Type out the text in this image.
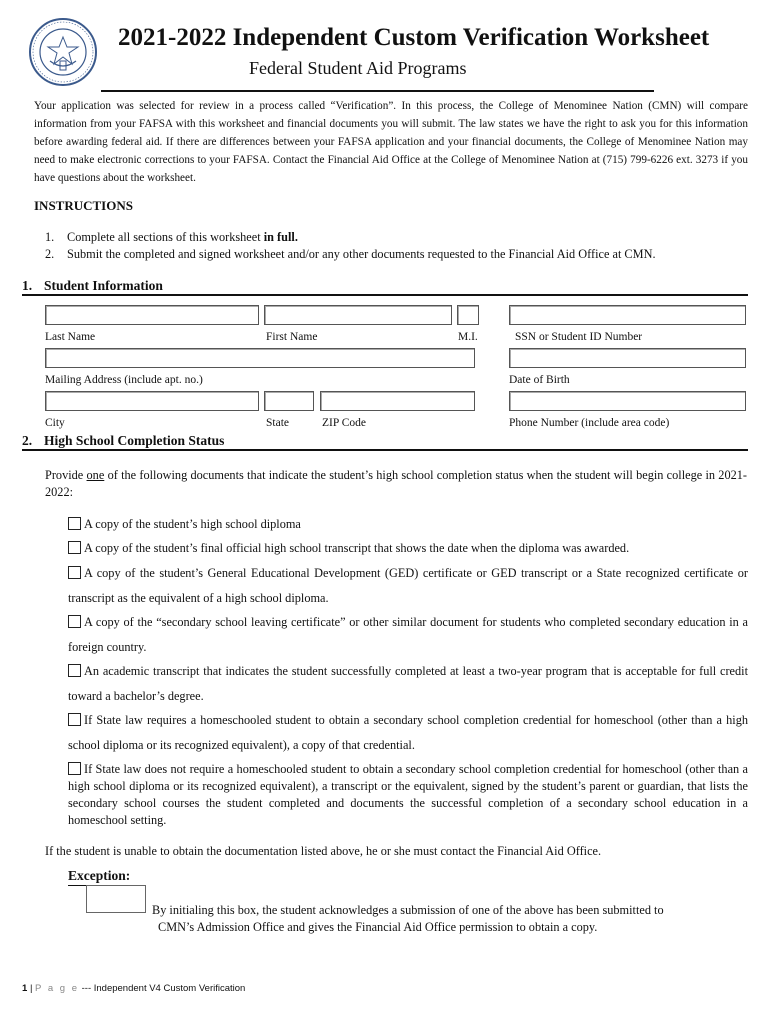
2021-2022 Independent Custom Verification Worksheet
Federal Student Aid Programs
Your application was selected for review in a process called “Verification”. In this process, the College of Menominee Nation (CMN) will compare information from your FAFSA with this worksheet and financial documents you will submit. The law states we have the right to ask you for this information before awarding federal aid. If there are differences between your FAFSA application and your financial documents, the College of Menominee Nation may need to make electronic corrections to your FAFSA. Contact the Financial Aid Office at the College of Menominee Nation at (715) 799-6226 ext. 3273 if you have questions about the worksheet.
INSTRUCTIONS
1. Complete all sections of this worksheet in full.
2. Submit the completed and signed worksheet and/or any other documents requested to the Financial Aid Office at CMN.
1. Student Information
Last Name	First Name	M.I.	SSN or Student ID Number
Mailing Address (include apt. no.)	Date of Birth
City	State	ZIP Code	Phone Number (include area code)
2. High School Completion Status
Provide one of the following documents that indicate the student’s high school completion status when the student will begin college in 2021-2022:
A copy of the student’s high school diploma
A copy of the student’s final official high school transcript that shows the date when the diploma was awarded.
A copy of the student’s General Educational Development (GED) certificate or GED transcript or a State recognized certificate or transcript as the equivalent of a high school diploma.
A copy of the “secondary school leaving certificate” or other similar document for students who completed secondary education in a foreign country.
An academic transcript that indicates the student successfully completed at least a two-year program that is acceptable for full credit toward a bachelor’s degree.
If State law requires a homeschooled student to obtain a secondary school completion credential for homeschool (other than a high school diploma or its recognized equivalent), a copy of that credential.
If State law does not require a homeschooled student to obtain a secondary school completion credential for homeschool (other than a high school diploma or its recognized equivalent), a transcript or the equivalent, signed by the student’s parent or guardian, that lists the secondary school courses the student completed and documents the successful completion of a secondary school education in a homeschool setting.
If the student is unable to obtain the documentation listed above, he or she must contact the Financial Aid Office.
Exception:
By initialing this box, the student acknowledges a submission of one of the above has been submitted to
CMN’s Admission Office and gives the Financial Aid Office permission to obtain a copy.
1 | P a g e --- Independent V4 Custom Verification
